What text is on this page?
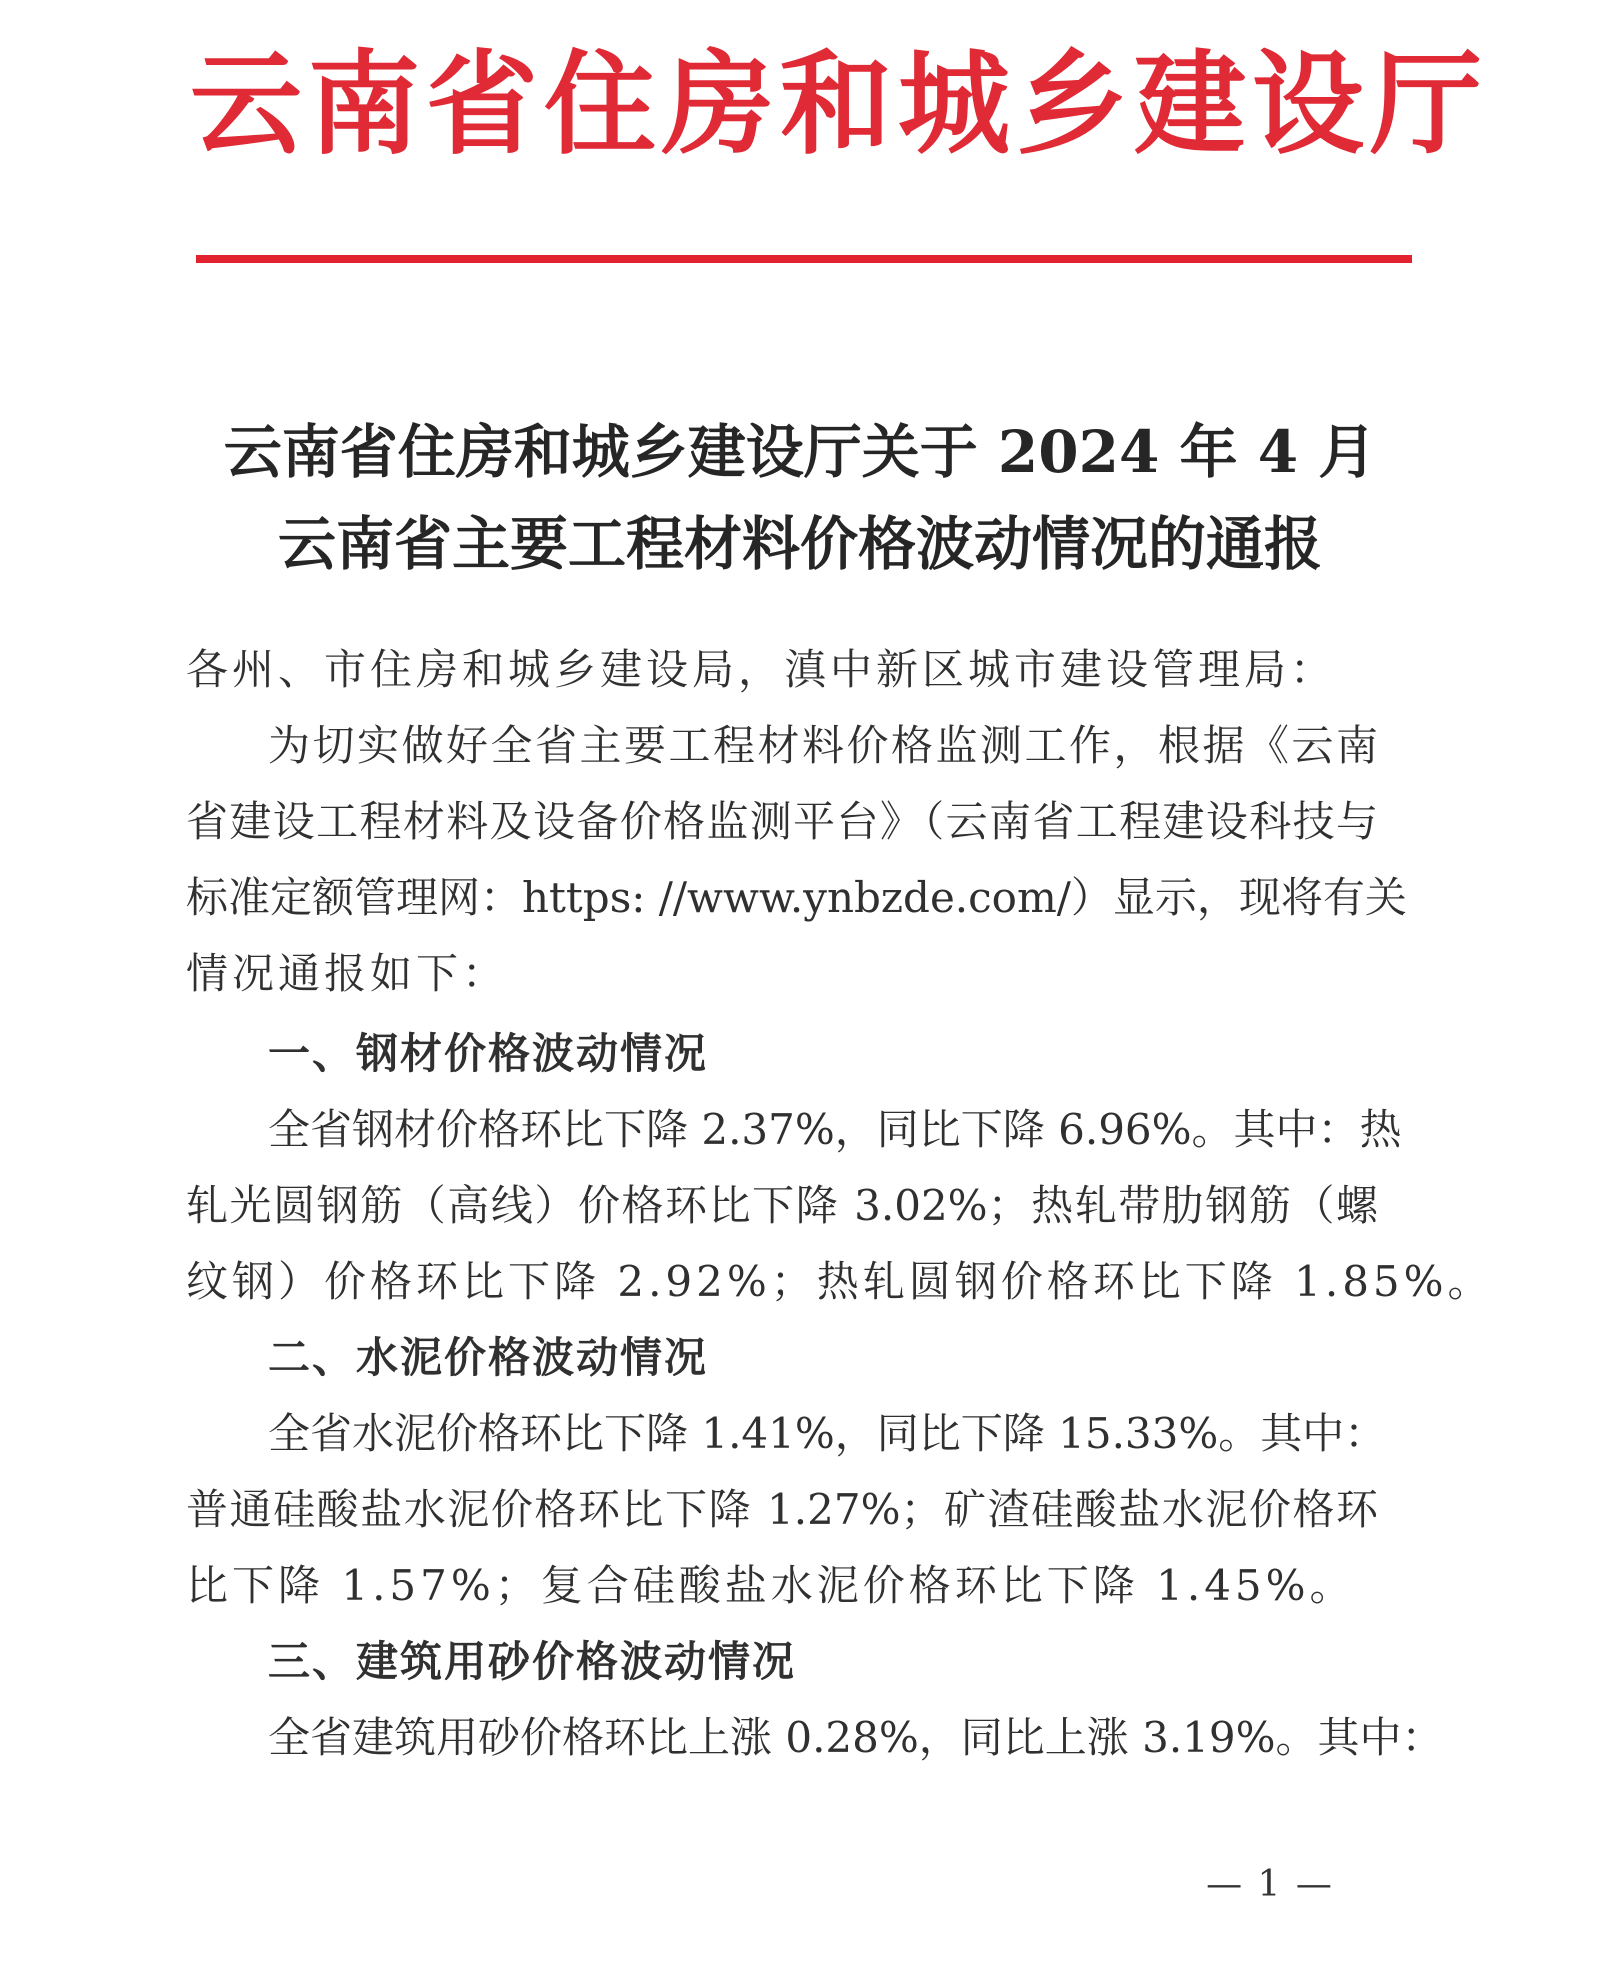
云南省住房和城乡建设厅
云南省住房和城乡建设厅关于 2024 年 4 月
云南省主要工程材料价格波动情况的通报
各州、市住房和城乡建设局，滇中新区城市建设管理局：
为切实做好全省主要工程材料价格监测工作，根据《云南
省建设工程材料及设备价格监测平台》（云南省工程建设科技与
标准定额管理网：https: //www.ynbzde.com/）显示，现将有关
情况通报如下：
一、钢材价格波动情况
全省钢材价格环比下降 2.37%，同比下降 6.96%。其中：热
轧光圆钢筋（高线）价格环比下降 3.02%；热轧带肋钢筋（螺
纹钢）价格环比下降 2.92%；热轧圆钢价格环比下降 1.85%。
二、水泥价格波动情况
全省水泥价格环比下降 1.41%，同比下降 15.33%。其中：
普通硅酸盐水泥价格环比下降 1.27%；矿渣硅酸盐水泥价格环
比下降 1.57%；复合硅酸盐水泥价格环比下降 1.45%。
三、建筑用砂价格波动情况
全省建筑用砂价格环比上涨 0.28%，同比上涨 3.19%。其中：
— 1 —
